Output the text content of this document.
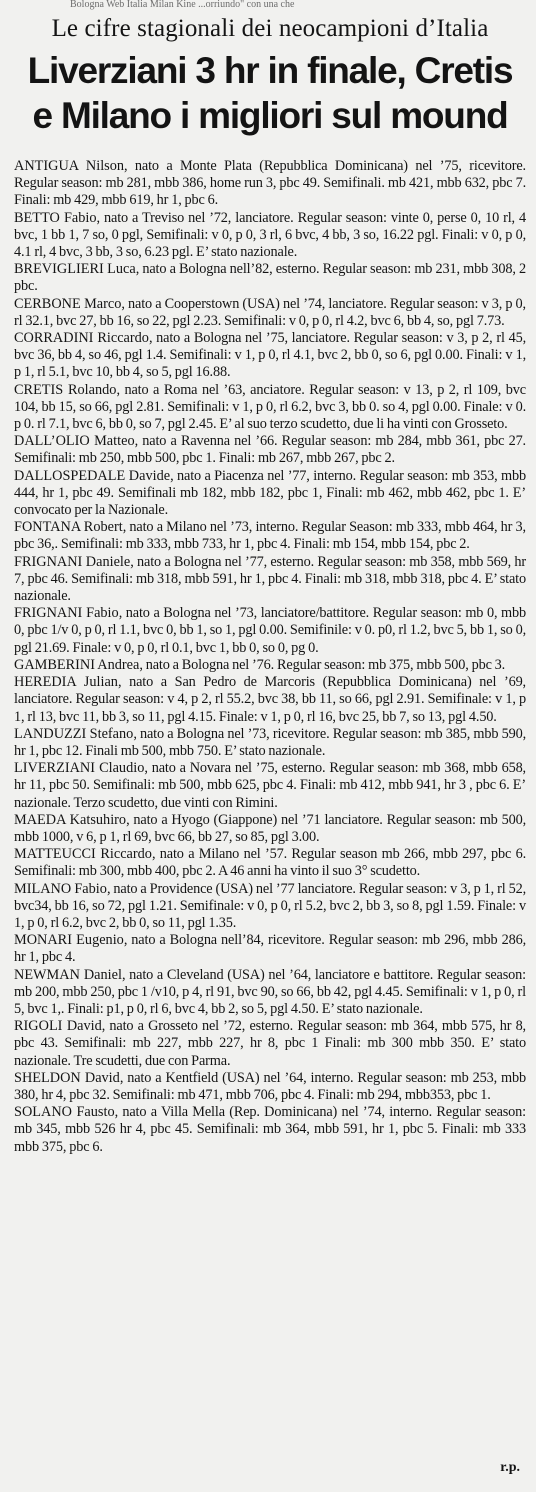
Bologna Web Italia Milan Kine ...orriundo" con una che
Le cifre stagionali dei neocampioni d’Italia
Liverziani 3 hr in finale, Cretis e Milano i migliori sul mound

ANTIGUA Nilson, nato a Monte Plata (Repubblica Dominicana) nel ’75, ricevitore. Regular season: mb 281, mbb 386, home run 3, pbc 49. Semifinali. mb 421, mbb 632, pbc 7. Finali: mb 429, mbb 619, hr 1, pbc 6.

BETTO Fabio, nato a Treviso nel ’72, lanciatore. Regular season: vinte 0, perse 0, 10 rl, 4 bvc, 1 bb 1, 7 so, 0 pgl, Semifinali: v 0, p 0, 3 rl, 6 bvc, 4 bb, 3 so, 16.22 pgl. Finali: v 0, p 0, 4.1 rl, 4 bvc, 3 bb, 3 so, 6.23 pgl. E’ stato nazionale.

BREVIGLIERI Luca, nato a Bologna nell’82, esterno. Regular season: mb 231, mbb 308, 2 pbc.

CERBONE Marco, nato a Cooperstown (USA) nel ’74, lanciatore. Regular season: v 3, p 0, rl 32.1, bvc 27, bb 16, so 22, pgl 2.23. Semifinali: v 0, p 0, rl 4.2, bvc 6, bb 4, so, pgl 7.73.

CORRADINI Riccardo, nato a Bologna nel ’75, lanciatore. Regular season: v 3, p 2, rl 45, bvc 36, bb 4, so 46, pgl 1.4. Semifinali: v 1, p 0, rl 4.1, bvc 2, bb 0, so 6, pgl 0.00. Finali: v 1, p 1, rl 5.1, bvc 10, bb 4, so 5, pgl 16.88.

CRETIS Rolando, nato a Roma nel ’63, anciatore. Regular season: v 13, p 2, rl 109, bvc 104, bb 15, so 66, pgl 2.81. Semifinali: v 1, p 0, rl 6.2, bvc 3, bb 0. so 4, pgl 0.00. Finale: v 0. p 0. rl 7.1, bvc 6, bb 0, so 7, pgl 2.45. E’ al suo terzo scudetto, due li ha vinti con Grosseto.

DALL’OLIO Matteo, nato a Ravenna nel ’66. Regular season: mb 284, mbb 361, pbc 27. Semifinali: mb 250, mbb 500, pbc 1. Finali: mb 267, mbb 267, pbc 2.

DALLOSPEDALE Davide, nato a Piacenza nel ’77, interno. Regular season: mb 353, mbb 444, hr 1, pbc 49. Semifinali mb 182, mbb 182, pbc 1, Finali: mb 462, mbb 462, pbc 1. E’ convocato per la Nazionale.

FONTANA Robert, nato a Milano nel ’73, interno. Regular Season: mb 333, mbb 464, hr 3, pbc 36,. Semifinali: mb 333, mbb 733, hr 1, pbc 4. Finali: mb 154, mbb 154, pbc 2.

FRIGNANI Daniele, nato a Bologna nel ’77, esterno. Regular season: mb 358, mbb 569, hr 7, pbc 46. Semifinali: mb 318, mbb 591, hr 1, pbc 4. Finali: mb 318, mbb 318, pbc 4. E’ stato nazionale.

FRIGNANI Fabio, nato a Bologna nel ’73, lanciatore/battitore. Regular season: mb 0, mbb 0, pbc 1/v 0, p 0, rl 1.1, bvc 0, bb 1, so 1, pgl 0.00. Semifinile: v 0. p0, rl 1.2, bvc 5, bb 1, so 0, pgl 21.69. Finale: v 0, p 0, rl 0.1, bvc 1, bb 0, so 0, pg 0.

GAMBERINI Andrea, nato a Bologna nel ’76. Regular season: mb 375, mbb 500, pbc 3.

HEREDIA Julian, nato a San Pedro de Marcoris (Repubblica Dominicana) nel ’69, lanciatore. Regular season: v 4, p 2, rl 55.2, bvc 38, bb 11, so 66, pgl 2.91. Semifinale: v 1, p 1, rl 13, bvc 11, bb 3, so 11, pgl 4.15. Finale: v 1, p 0, rl 16, bvc 25, bb 7, so 13, pgl 4.50.

LANDUZZI Stefano, nato a Bologna nel ’73, ricevitore. Regular season: mb 385, mbb 590, hr 1, pbc 12. Finali mb 500, mbb 750. E’ stato nazionale.

LIVERZIANI Claudio, nato a Novara nel ’75, esterno. Regular season: mb 368, mbb 658, hr 11, pbc 50. Semifinali: mb 500, mbb 625, pbc 4. Finali: mb 412, mbb 941, hr 3 , pbc 6. E’ nazionale. Terzo scudetto, due vinti con Rimini.

MAEDA Katsuhiro, nato a Hyogo (Giappone) nel ’71 lanciatore. Regular season: mb 500, mbb 1000, v 6, p 1, rl 69, bvc 66, bb 27, so 85, pgl 3.00.

MATTEUCCI Riccardo, nato a Milano nel ’57. Regular season mb 266, mbb 297, pbc 6. Semifinali: mb 300, mbb 400, pbc 2. A 46 anni ha vinto il suo 3° scudetto.

MILANO Fabio, nato a Providence (USA) nel ’77 lanciatore. Regular season: v 3, p 1, rl 52, bvc34, bb 16, so 72, pgl 1.21. Semifinale: v 0, p 0, rl 5.2, bvc 2, bb 3, so 8, pgl 1.59. Finale: v 1, p 0, rl 6.2, bvc 2, bb 0, so 11, pgl 1.35.

MONARI Eugenio, nato a Bologna nell’84, ricevitore. Regular season: mb 296, mbb 286, hr 1, pbc 4.

NEWMAN Daniel, nato a Cleveland (USA) nel ’64, lanciatore e battitore. Regular season: mb 200, mbb 250, pbc 1 /v10, p 4, rl 91, bvc 90, so 66, bb 42, pgl 4.45. Semifinali: v 1, p 0, rl 5, bvc 1,. Finali: p1, p 0, rl 6, bvc 4, bb 2, so 5, pgl 4.50. E’ stato nazionale.

RIGOLI David, nato a Grosseto nel ’72, esterno. Regular season: mb 364, mbb 575, hr 8, pbc 43. Semifinali: mb 227, mbb 227, hr 8, pbc 1 Finali: mb 300 mbb 350. E’ stato nazionale. Tre scudetti, due con Parma.

SHELDON David, nato a Kentfield (USA) nel ’64, interno. Regular season: mb 253, mbb 380, hr 4, pbc 32. Semifinali: mb 471, mbb 706, pbc 4. Finali: mb 294, mbb353, pbc 1.

SOLANO Fausto, nato a Villa Mella (Rep. Dominicana) nel ’74, interno. Regular season: mb 345, mbb 526 hr 4, pbc 45. Semifinali: mb 364, mbb 591, hr 1, pbc 5. Finali: mb 333 mbb 375, pbc 6.

r.p.
